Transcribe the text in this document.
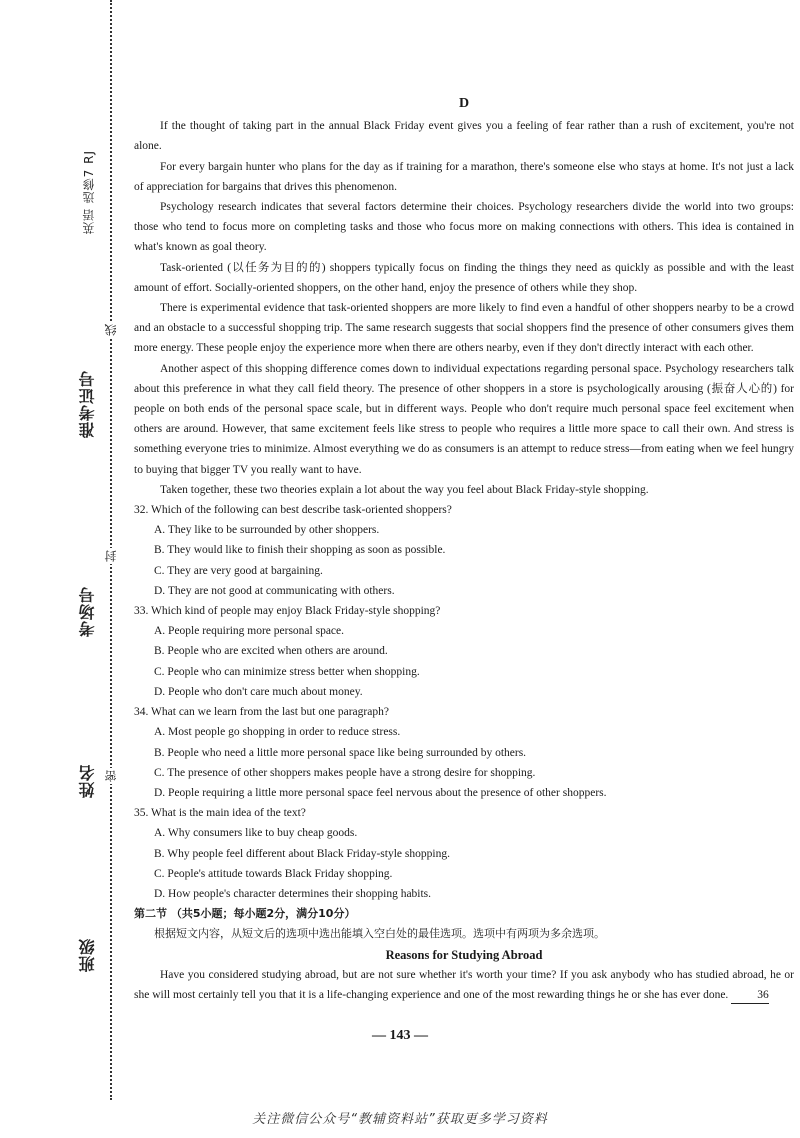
英语 选修7 RJ
准考证号
考场号
姓名
班级
线
封
密
D

If the thought of taking part in the annual Black Friday event gives you a feeling of fear rather than a rush of excitement, you're not alone.

For every bargain hunter who plans for the day as if training for a marathon, there's someone else who stays at home. It's not just a lack of appreciation for bargains that drives this phenomenon.

Psychology research indicates that several factors determine their choices. Psychology researchers divide the world into two groups: those who tend to focus more on completing tasks and those who focus more on making connections with others. This idea is contained in what's known as goal theory.

Task-oriented (以任务为目的的) shoppers typically focus on finding the things they need as quickly as possible and with the least amount of effort. Socially-oriented shoppers, on the other hand, enjoy the presence of others while they shop.

There is experimental evidence that task-oriented shoppers are more likely to find even a handful of other shoppers nearby to be a crowd and an obstacle to a successful shopping trip. The same research suggests that social shoppers find the presence of other consumers gives them more energy. These people enjoy the experience more when there are others nearby, even if they don't directly interact with each other.

Another aspect of this shopping difference comes down to individual expectations regarding personal space. Psychology researchers talk about this preference in what they call field theory. The presence of other shoppers in a store is psychologically arousing (振奋人心的) for people on both ends of the personal space scale, but in different ways. People who don't require much personal space feel excitement when others are around. However, that same excitement feels like stress to people who requires a little more space to call their own. And stress is something everyone tries to minimize. Almost everything we do as consumers is an attempt to reduce stress—from eating when we feel hungry to buying that bigger TV you really want to have.

Taken together, these two theories explain a lot about the way you feel about Black Friday-style shopping.

32. Which of the following can best describe task-oriented shoppers?

A. They like to be surrounded by other shoppers.

B. They would like to finish their shopping as soon as possible.

C. They are very good at bargaining.

D. They are not good at communicating with others.

33. Which kind of people may enjoy Black Friday-style shopping?

A. People requiring more personal space.

B. People who are excited when others are around.

C. People who can minimize stress better when shopping.

D. People who don't care much about money.

34. What can we learn from the last but one paragraph?

A. Most people go shopping in order to reduce stress.

B. People who need a little more personal space like being surrounded by others.

C. The presence of other shoppers makes people have a strong desire for shopping.

D. People requiring a little more personal space feel nervous about the presence of other shoppers.

35. What is the main idea of the text?

A. Why consumers like to buy cheap goods.

B. Why people feel different about Black Friday-style shopping.

C. People's attitude towards Black Friday shopping.

D. How people's character determines their shopping habits.

第二节 （共5小题；每小题2分，满分10分）

根据短文内容，从短文后的选项中选出能填入空白处的最佳选项。选项中有两项为多余选项。

Reasons for Studying Abroad

Have you considered studying abroad, but are not sure whether it's worth your time? If you ask anybody who has studied abroad, he or she will most certainly tell you that it is a life-changing experience and one of the most rewarding things he or she has ever done.	36

— 143 —
关注微信公众号“教辅资料站”获取更多学习资料
